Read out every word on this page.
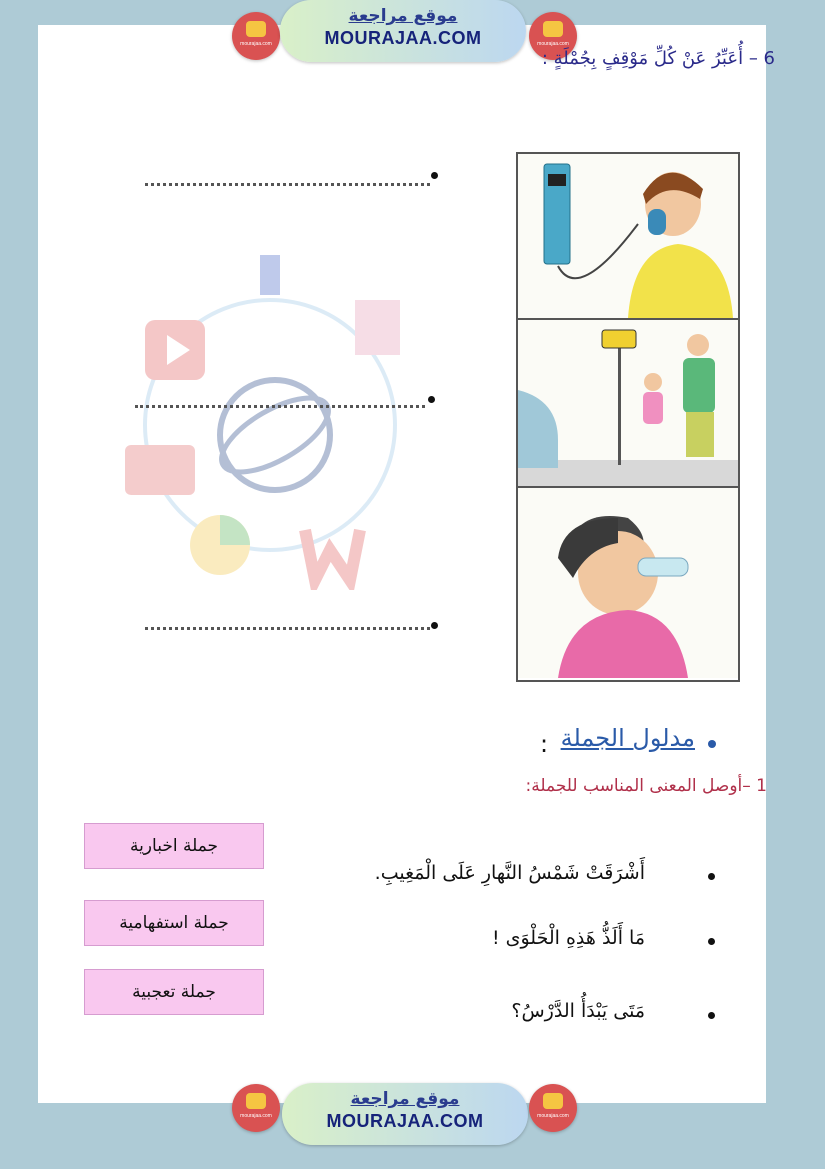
mourajaa.com
موقع مراجعة
MOURAJAA.COM	mourajaa.com
6 – أُعَبِّرُ عَنْ كُلِّ مَوْقِفٍ بِجُمْلَةٍ :
مدلول الجملة
:
1 –أوصل المعنى المناسب للجملة:
جملة اخبارية
جملة استفهامية
جملة تعجبية
أَشْرَقَتْ شَمْسُ النَّهارِ عَلَى الْمَغِيبِ.
مَا أَلَذُّ هَذِهِ الْحَلْوَى !
مَتَى يَبْدَأُ الدَّرْسُ؟
mourajaa.com
موقع مراجعة
MOURAJAA.COM	mourajaa.com
